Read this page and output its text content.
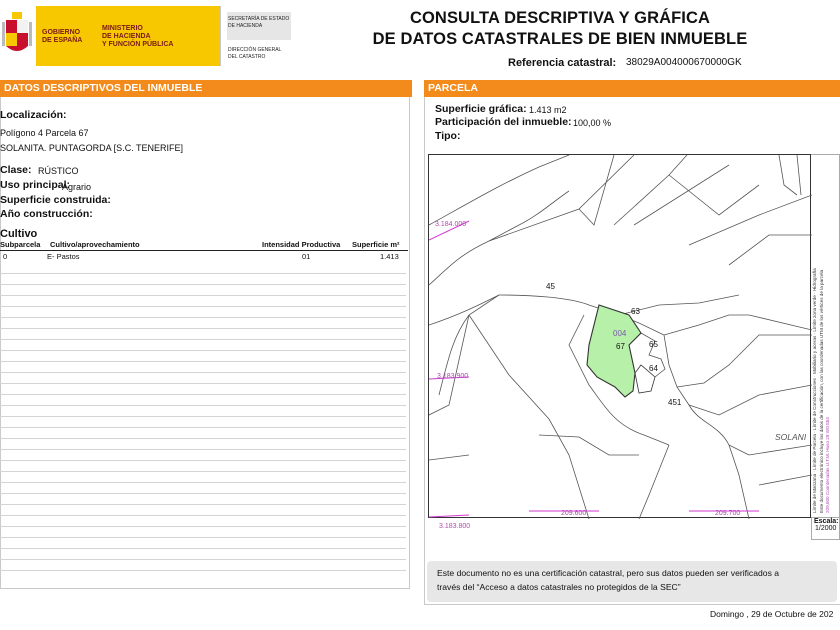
GOBIERNO
DE ESPAÑA
MINISTERIO
DE HACIENDA
Y FUNCIÓN PÚBLICA
SECRETARÍA DE ESTADO
DE HACIENDA
DIRECCIÓN GENERAL
DEL CATASTRO
CONSULTA DESCRIPTIVA Y GRÁFICA
DE DATOS CATASTRALES DE BIEN INMUEBLE
Referencia catastral: 38029A004000670000GK
DATOS DESCRIPTIVOS DEL INMUEBLE
Localización:
Polígono 4 Parcela 67
SOLANITA. PUNTAGORDA [S.C. TENERIFE]
Clase: RÚSTICO
Uso principal:
Agrario
Superficie construida:
Año construcción:
Cultivo
Subparcela Cultivo/aprovechamiento	Intensidad Productiva Superficie m²
0	E- Pastos	01	1.413
PARCELA
Superficie gráfica: 1.413 m2
Participación del inmueble: 100,00 %
Tipo:
3.184.000
3.183.900
3.183.800
209.600	209.700
45
63
004
67	65
64
451
SOLANI
Límite de Manzana · Límite de Parcela · Límite de Construcciones · Mobiliario y aceras · Límite zona verde · Hidrografía Este documento electrónico incluye los datos de la certificación, con las coordenadas UTM de los vértices de la parcela 209,600 Coordenadas U.T.M. Huso 28 WGS84
Escala:
1/2000
Este documento no es una certificación catastral, pero sus datos pueden ser verificados a
través del “Acceso a datos catastrales no protegidos de la SEC”
Domingo , 29 de Octubre de 202
